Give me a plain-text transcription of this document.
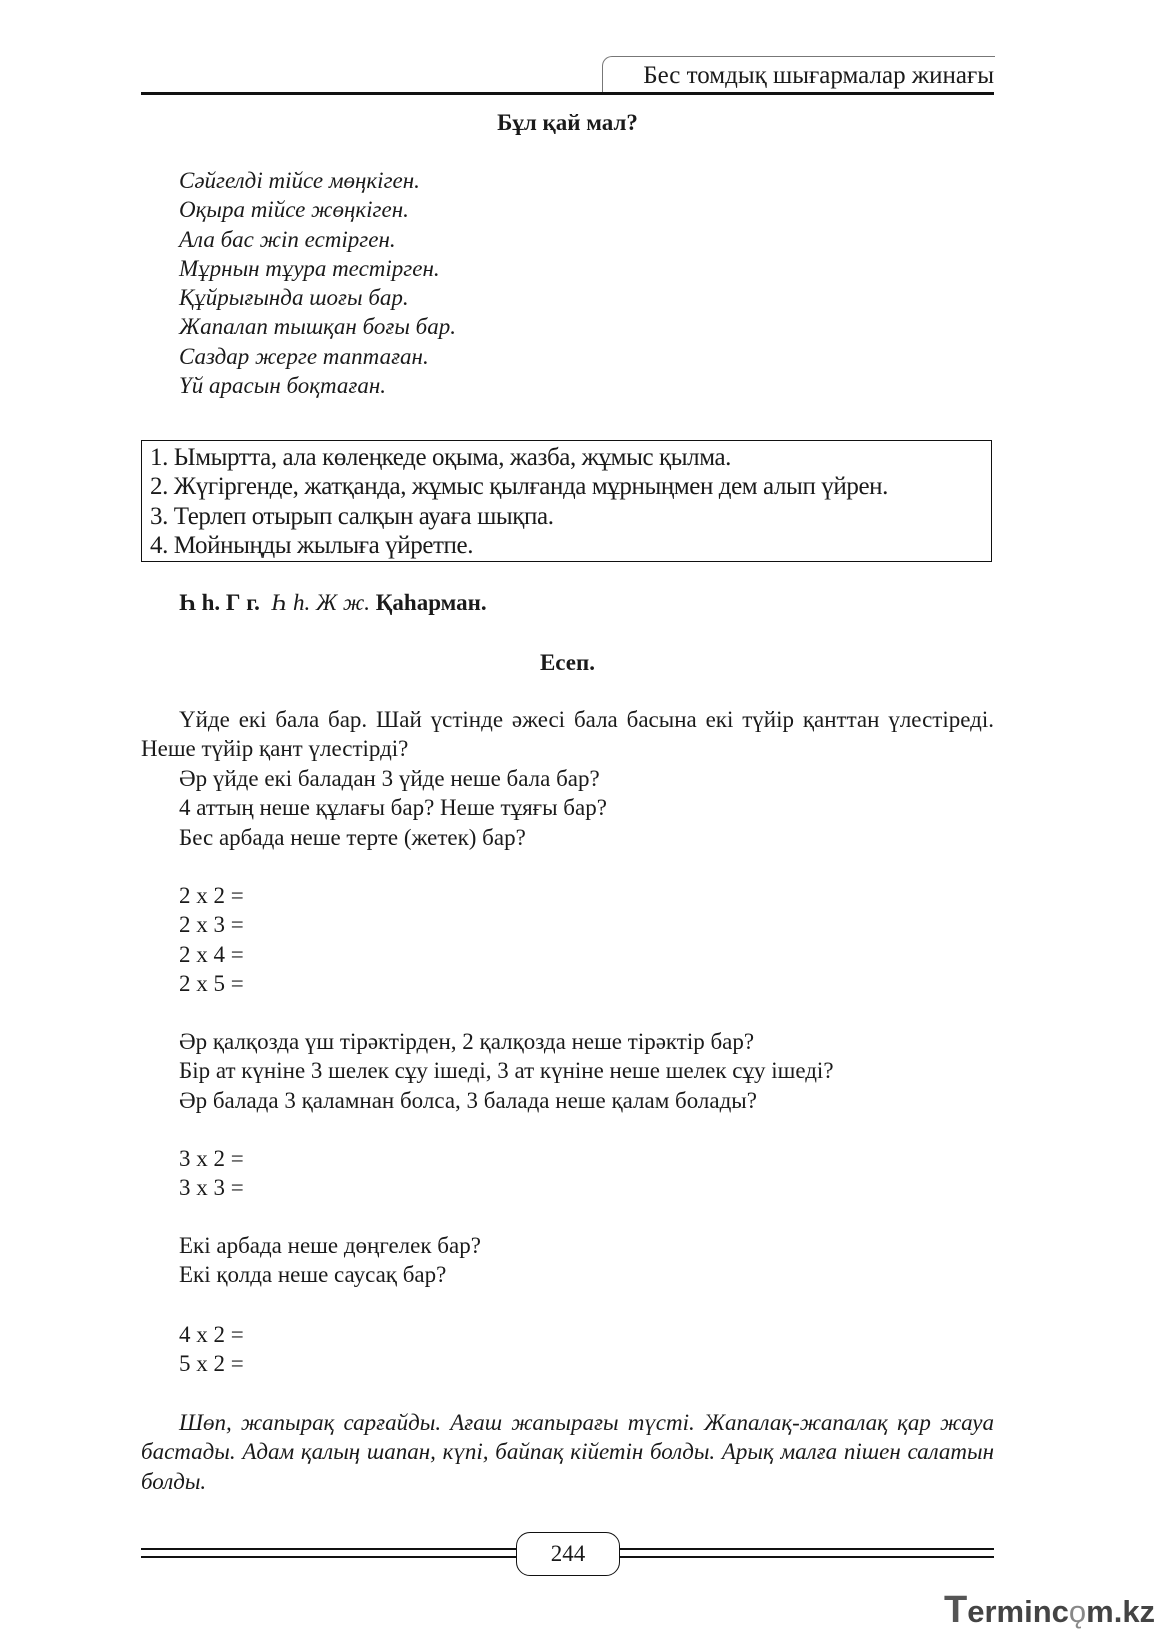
Бес томдық шығармалар жинағы
Бұл қай мал?
Сәйгелді тійсе мөңкіген.
Оқыра тійсе жөңкіген.
Ала бас жіп естірген.
Мұрнын тұура тестірген.
Құйрығында шоғы бар.
Жапалап тышқан боғы бар.
Саздар жерге таптаған.
Үй арасын боқтаған.
1. Ымыртта, ала көлеңкеде оқыма, жазба, жұмыс қылма.
2. Жүгіргенде, жатқанда, жұмыс қылғанда мұрныңмен дем алып үйрен.
3. Терлеп отырып салқын ауаға шықпа.
4. Мойныңды жылыға үйретпе.
Һ һ. Г г. Һ һ. Ж ж. Қаһарман.
Есеп.
Үйде екі бала бар. Шай үстінде әжесі бала басына екі түйір қанттан үлестіреді. Неше түйір қант үлестірді?
Әр үйде екі баладан 3 үйде неше бала бар?
4 аттың неше құлағы бар? Неше тұяғы бар?
Бес арбада неше терте (жетек) бар?
2 х 2 =
2 х 3 =
2 х 4 =
2 х 5 =
Әр қалқозда үш тірәктірден, 2 қалқозда неше тірәктір бар?
Бір ат күніне 3 шелек сұу ішеді, 3 ат күніне неше шелек сұу ішеді?
Әр балада 3 қаламнан болса, 3 балада неше қалам болады?
3 х 2 =
3 х 3 =
Екі арбада неше дөңгелек бар?
Екі қолда неше саусақ бар?
4 х 2 =
5 х 2 =
Шөп, жапырақ сарғайды. Ағаш жапырағы түсті. Жапалақ-жапалақ қар жауа бастады. Адам қалың шапан, күпі, байпақ кійетін болды. Арық малға пішен салатын болды.
244
Termincǫm.kz
